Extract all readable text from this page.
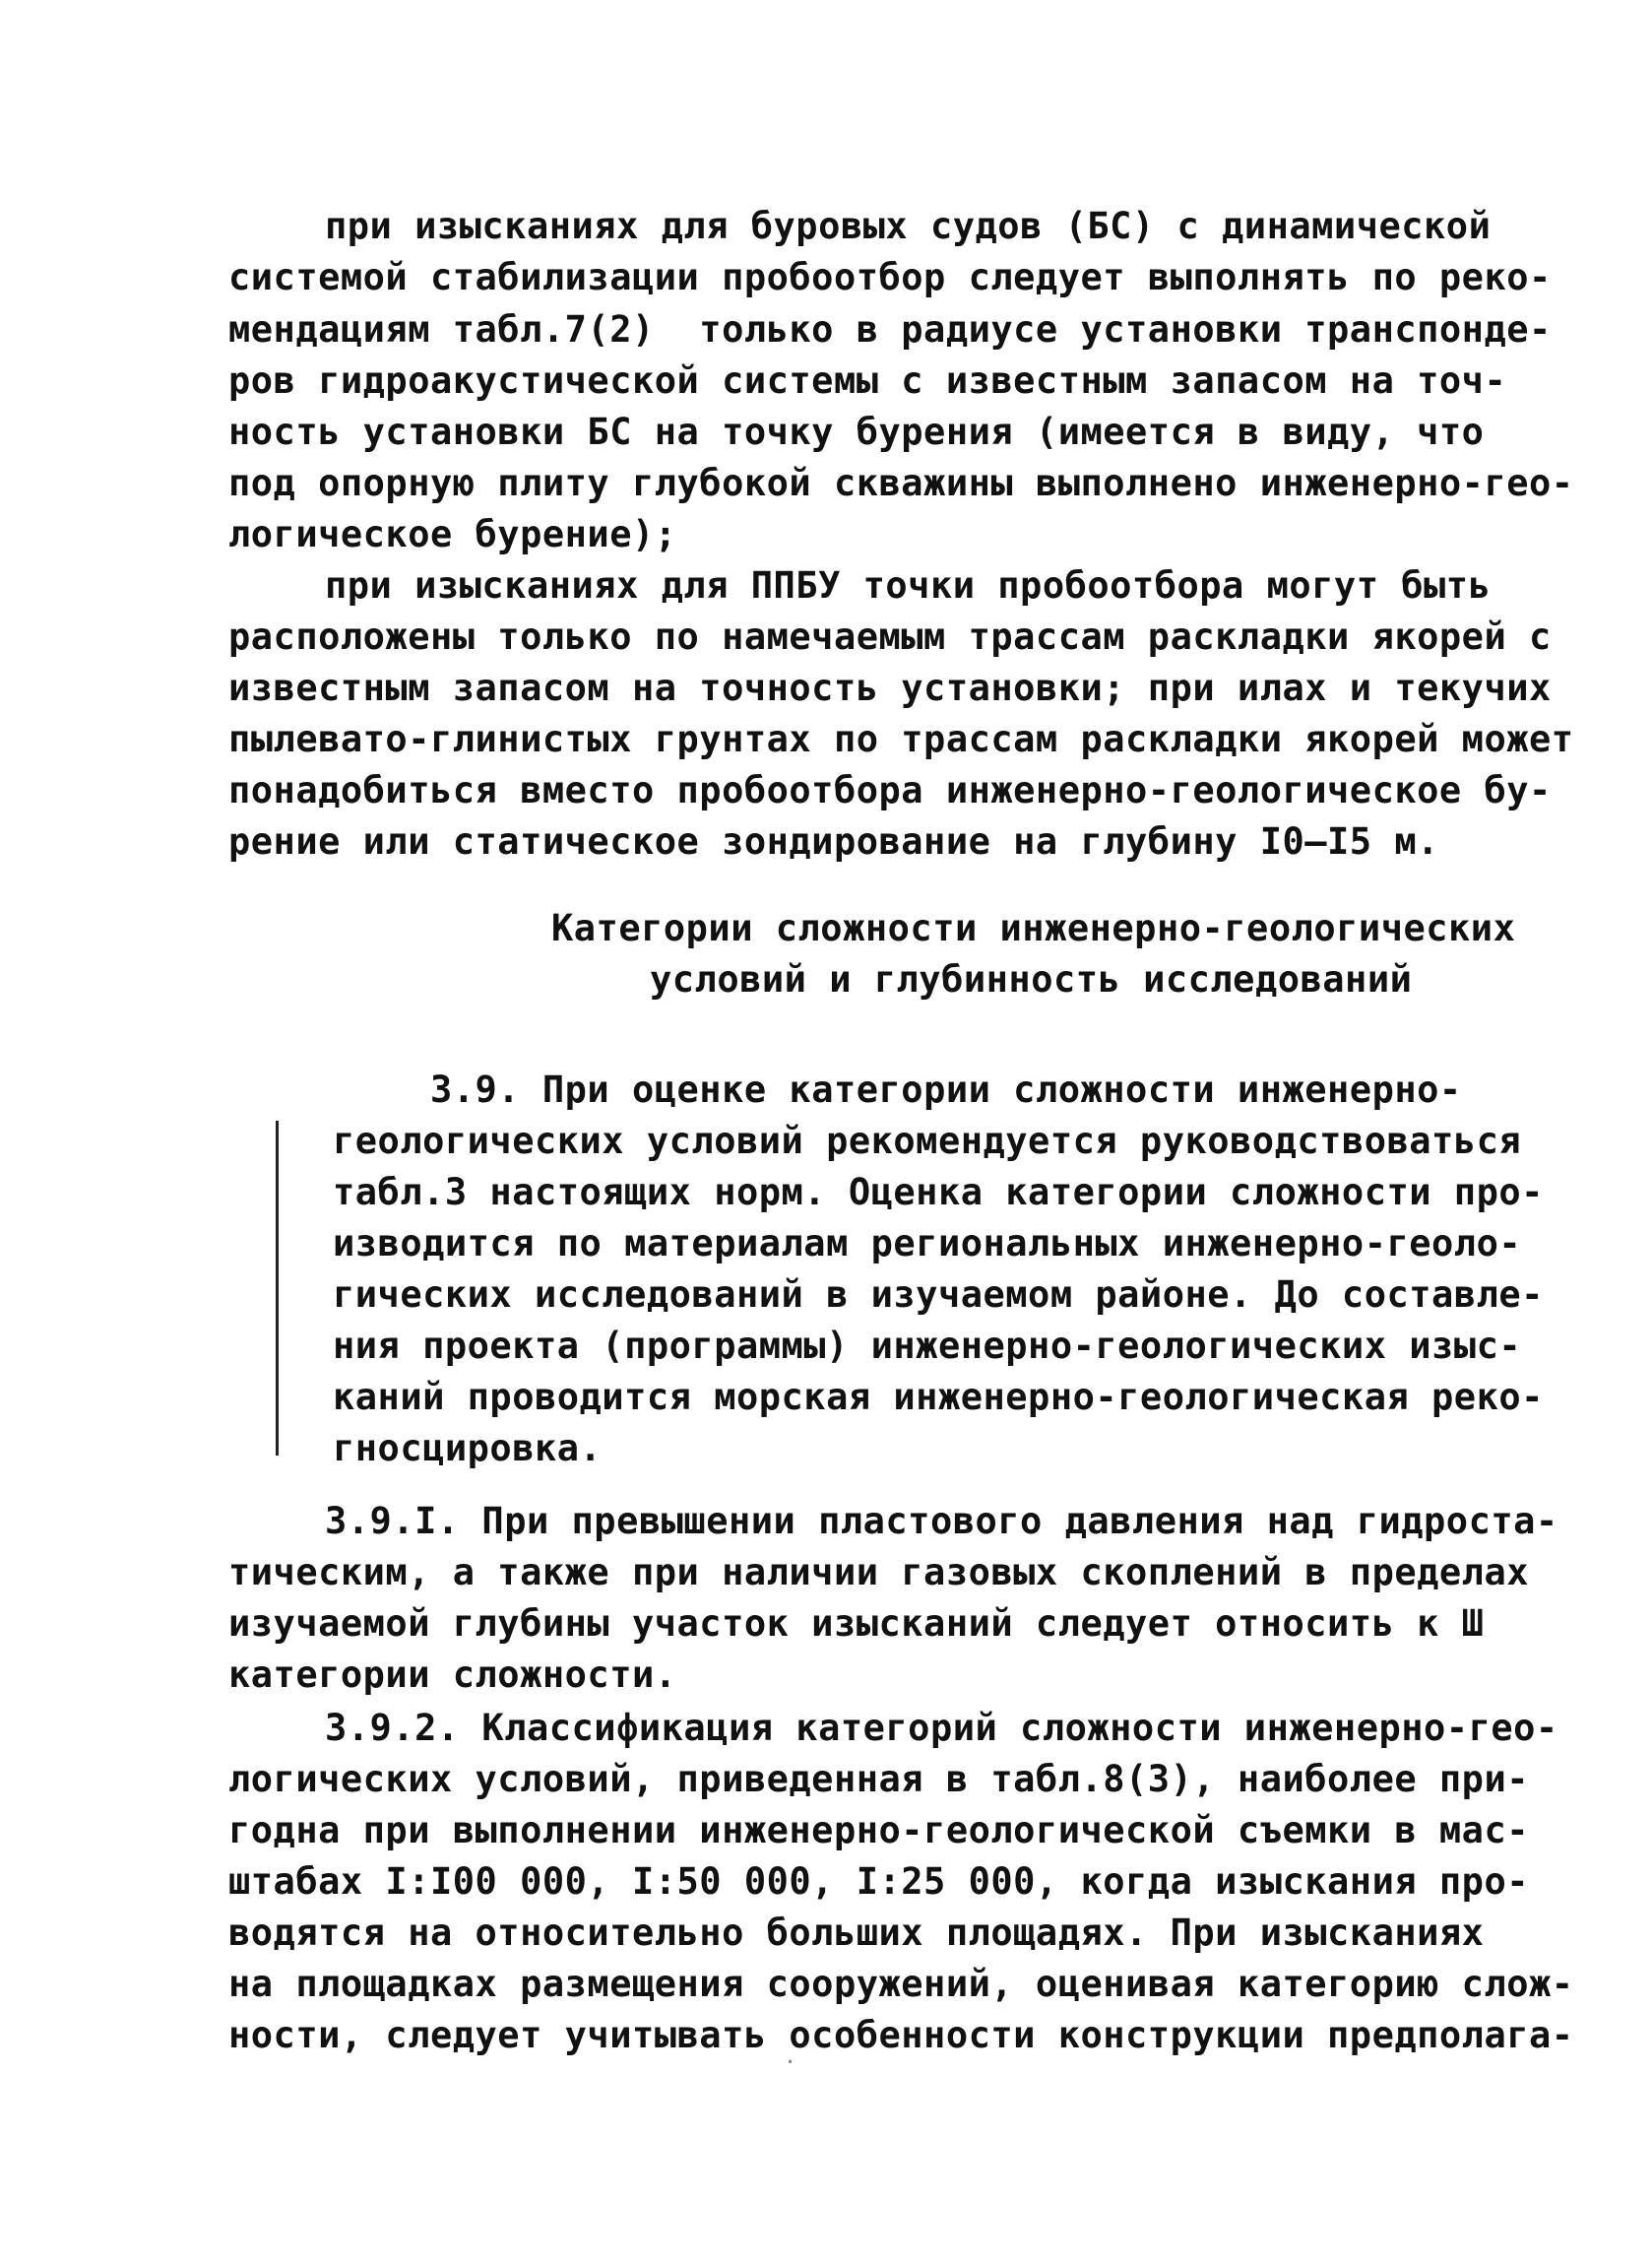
при изысканиях для буровых судов (БС) с динамической
системой стабилизации пробоотбор следует выполнять по реко-
мендациям табл.7(2)  только в радиусе установки транспонде-
ров гидроакустической системы с известным запасом на точ-
ность установки БС на точку бурения (имеется в виду, что
под опорную плиту глубокой скважины выполнено инженерно-гео-
логическое бурение);
при изысканиях для ППБУ точки пробоотбора могут быть
расположены только по намечаемым трассам раскладки якорей с
известным запасом на точность установки; при илах и текучих
пылевато-глинистых грунтах по трассам раскладки якорей может
понадобиться вместо пробоотбора инженерно-геологическое бу-
рение или статическое зондирование на глубину I0–I5 м.
Категории сложности инженерно-геологических
условий и глубинность исследований
3.9. При оценке категории сложности инженерно-
геологических условий рекомендуется руководствоваться
табл.3 настоящих норм. Оценка категории сложности про-
изводится по материалам региональных инженерно-геоло-
гических исследований в изучаемом районе. До составле-
ния проекта (программы) инженерно-геологических изыс-
каний проводится морская инженерно-геологическая реко-
гносцировка.
3.9.I. При превышении пластового давления над гидроста-
тическим, а также при наличии газовых скоплений в пределах
изучаемой глубины участок изысканий следует относить к Ш
категории сложности.
3.9.2. Классификация категорий сложности инженерно-гео-
логических условий, приведенная в табл.8(3), наиболее при-
годна при выполнении инженерно-геологической съемки в мас-
штабах I:I00 000, I:50 000, I:25 000, когда изыскания про-
водятся на относительно больших площадях. При изысканиях
на площадках размещения сооружений, оценивая категорию слож-
ности, следует учитывать особенности конструкции предполага-
·
